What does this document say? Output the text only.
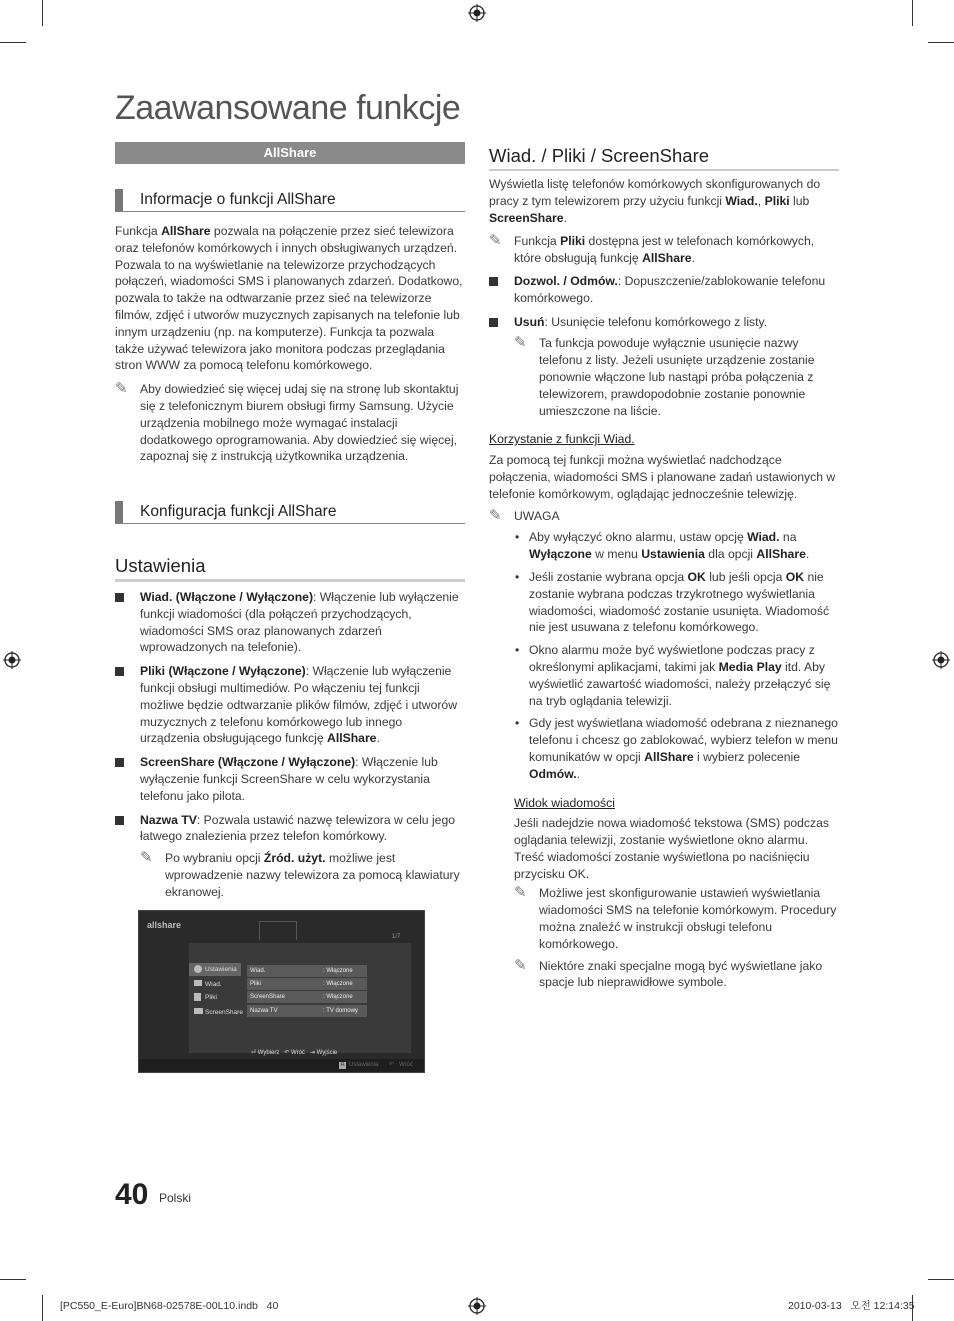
Zaawansowane funkcje
AllShare
Informacje o funkcji AllShare

Funkcja AllShare pozwala na połączenie przez sieć telewizora oraz telefonów komórkowych i innych obsługiwanych urządzeń. Pozwala to na wyświetlanie na telewizorze przychodzących połączeń, wiadomości SMS i planowanych zdarzeń. Dodatkowo, pozwala to także na odtwarzanie przez sieć na telewizorze filmów, zdjęć i utworów muzycznych zapisanych na telefonie lub innym urządzeniu (np. na komputerze). Funkcja ta pozwala także używać telewizora jako monitora podczas przeglądania stron WWW za pomocą telefonu komórkowego.

✎ Aby dowiedzieć się więcej udaj się na stronę lub skontaktuj się z telefonicznym biurem obsługi firmy Samsung. Użycie urządzenia mobilnego może wymagać instalacji dodatkowego oprogramowania. Aby dowiedzieć się więcej, zapoznaj się z instrukcją użytkownika urządzenia.

Konfiguracja funkcji AllShare
Ustawienia

Wiad. (Włączone / Wyłączone): Włączenie lub wyłączenie funkcji wiadomości (dla połączeń przychodzących, wiadomości SMS oraz planowanych zdarzeń wprowadzonych na telefonie).

Pliki (Włączone / Wyłączone): Włączenie lub wyłączenie funkcji obsługi multimediów. Po włączeniu tej funkcji możliwe będzie odtwarzanie plików filmów, zdjęć i utworów muzycznych z telefonu komórkowego lub innego urządzenia obsługującego funkcję AllShare.

ScreenShare (Włączone / Wyłączone): Włączenie lub wyłączenie funkcji ScreenShare w celu wykorzystania telefonu jako pilota.

Nazwa TV: Pozwala ustawić nazwę telewizora w celu jego łatwego znalezienia przez telefon komórkowy.

✎ Po wybraniu opcji Źród. użyt. możliwe jest wprowadzenie nazwy telewizora za pomocą klawiatury ekranowej.

allshare
1/7
Ustawienia
Wiad.
Pliki
ScreenShare
Wiad.	: Włączone
Pliki	: Włączone
ScreenShare	: Włączone
Nazwa TV	: TV domowy
⏎ Wybierz ↶ Wróć ⇥ Wyjście
A Ustawienia ↶ Wróć
Wiad. / Pliki / ScreenShare

Wyświetla listę telefonów komórkowych skonfigurowanych do pracy z tym telewizorem przy użyciu funkcji Wiad., Pliki lub ScreenShare.

✎ Funkcja Pliki dostępna jest w telefonach komórkowych, które obsługują funkcję AllShare.

Dozwol. / Odmów.: Dopuszczenie/zablokowanie telefonu komórkowego.

Usuń: Usunięcie telefonu komórkowego z listy.

✎ Ta funkcja powoduje wyłącznie usunięcie nazwy telefonu z listy. Jeżeli usunięte urządzenie zostanie ponownie włączone lub nastąpi próba połączenia z telewizorem, prawdopodobnie zostanie ponownie umieszczone na liście.

Korzystanie z funkcji Wiad.

Za pomocą tej funkcji można wyświetlać nadchodzące połączenia, wiadomości SMS i planowane zadań ustawionych w telefonie komórkowym, oglądając jednocześnie telewizję.

✎ UWAGA

• Aby wyłączyć okno alarmu, ustaw opcję Wiad. na Wyłączone w menu Ustawienia dla opcji AllShare.

• Jeśli zostanie wybrana opcja OK lub jeśli opcja OK nie zostanie wybrana podczas trzykrotnego wyświetlania wiadomości, wiadomość zostanie usunięta. Wiadomość nie jest usuwana z telefonu komórkowego.

• Okno alarmu może być wyświetlone podczas pracy z określonymi aplikacjami, takimi jak Media Play itd. Aby wyświetlić zawartość wiadomości, należy przełączyć się na tryb oglądania telewizji.

• Gdy jest wyświetlana wiadomość odebrana z nieznanego telefonu i chcesz go zablokować, wybierz telefon w menu komunikatów w opcji AllShare i wybierz polecenie Odmów..

Widok wiadomości

Jeśli nadejdzie nowa wiadomość tekstowa (SMS) podczas oglądania telewizji, zostanie wyświetlone okno alarmu. Treść wiadomości zostanie wyświetlona po naciśnięciu przycisku OK.

✎ Możliwe jest skonfigurowanie ustawień wyświetlania wiadomości SMS na telefonie komórkowym. Procedury można znaleźć w instrukcji obsługi telefonu komórkowego.

✎ Niektóre znaki specjalne mogą być wyświetlane jako spacje lub nieprawidłowe symbole.

40 Polski
[PC550_E-Euro]BN68-02578E-00L10.indb   40	2010-03-13   오전 12:14:35
